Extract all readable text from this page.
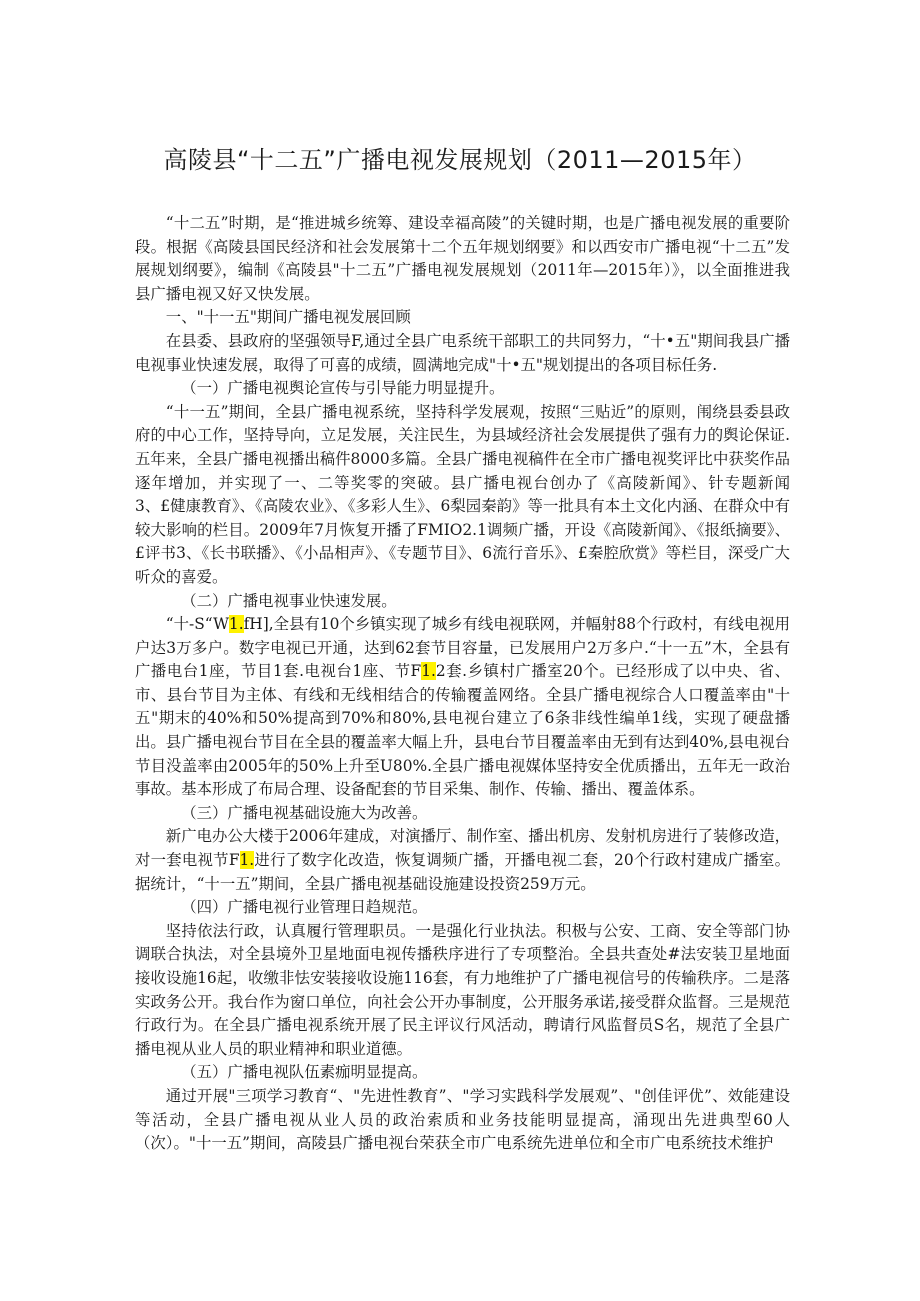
高陵县“十二五”广播电视发展规划（2011—2015年）

“十二五”时期，是“推进城乡统筹、建设幸福高陵”的关键时期，也是广播电视发展的重要阶段。根据《高陵县国民经济和社会发展第十二个五年规划纲要》和以西安市广播电视“十二五”发展规划纲要》，编制《高陵县"十二五”广播电视发展规划（2011年—2015年）》，以全面推进我县广播电视又好又快发展。

一、"十一五"期间广播电视发展回顾

在县委、县政府的坚强领导F,通过全县广电系统干部职工的共同努力，“十•五"期间我县广播电视事业快速发展，取得了可喜的成绩，圆满地完成"十•五"规划提出的各项目标任务.

（一）广播电视舆论宣传与引导能力明显提升。

“十一五”期间，全县广播电视系统，坚持科学发展观，按照“三贴近”的原则，闱绕县委县政府的中心工作，坚持导向，立足发展，关注民生，为县域经济社会发展提供了强有力的舆论保证.五年来，全县广播电视播出稿件8000多篇。全县广播电视稿件在全市广播电视奖评比中获奖作品逐年增加，并实现了一、二等奖零的突破。县广播电视台创办了《高陵新闻》、针专题新闻3、£健康教育》、《高陵农业》、《多彩人生》、6梨园秦韵》等一批具有本土文化内涵、在群众中有较大影响的栏目。2009年7月恢复开播了FMIO2.1调频广播，开设《高陵新闻》、《报纸摘要》、£评书3、《长书联播》、《小品相声》、《专题节目》、6流行音乐》、£秦腔欣赏》等栏目，深受广大听众的喜爱。

（二）广播电视事业快速发展。

“十-S“W1.fH],全县有10个乡镇实现了城乡有线电视联网，并幅射88个行政村，有线电视用户达3万多户。数字电视已开通，达到62套节目容量，已发展用户2万多户.“十一五”木，全县有广播电台1座，节目1套.电视台1座、节F1.2套.乡镇村广播室20个。已经形成了以中央、省、市、县台节目为主体、有线和无线相结合的传输覆盖网络。全县广播电视综合人口覆盖率由"十五"期末的40%和50%提高到70%和80%,县电视台建立了6条非线性编单1线，实现了硬盘播出。县广播电视台节目在全县的覆盖率大幅上升，县电台节目覆盖率由无到有达到40%,县电视台节目没盖率由2005年的50%上升至U80%.全县广播电视媒体坚持安全优质播出，五年无一政治事故。基本形成了布局合理、设备配套的节目采集、制作、传输、播出、覆盖体系。

（三）广播电视基础设施大为改善。

新广电办公大楼于2006年建成，对演播厅、制作室、播出机房、发射机房进行了装修改造，对一套电视节F1.进行了数字化改造，恢复调频广播，开播电视二套，20个行政村建成广播室。据统计，“十一五”期间，全县广播电视基础设施建设投资259万元。

（四）广播电视行业管理日趋规范。

坚持依法行政，认真履行管理职员。一是强化行业执法。积极与公安、工商、安全等部门协调联合执法，对全县境外卫星地面电视传播秩序进行了专项整治。全县共查处#法安装卫星地面接收设施16起，收缴非怯安装接收设施116套，有力地维护了广播电视信号的传输秩序。二是落实政务公开。我台作为窗口单位，向社会公开办事制度，公开服务承诺,接受群众监督。三是规范行政行为。在全县广播电视系统开展了民主评议行风活动，聘请行风监督员S名，规范了全县广播电视从业人员的职业精神和职业道德。

（五）广播电视队伍素痂明显提高。

通过开展"三项学习教育“、"先进性教育”、"学习实践科学发展观”、"创佳评优”、效能建设等活动，全县广播电视从业人员的政治索质和业务技能明显提高，涌现出先进典型60人（次）。"十一五”期间，高陵县广播电视台荣获全市广电系统先进单位和全市广电系统技术维护
